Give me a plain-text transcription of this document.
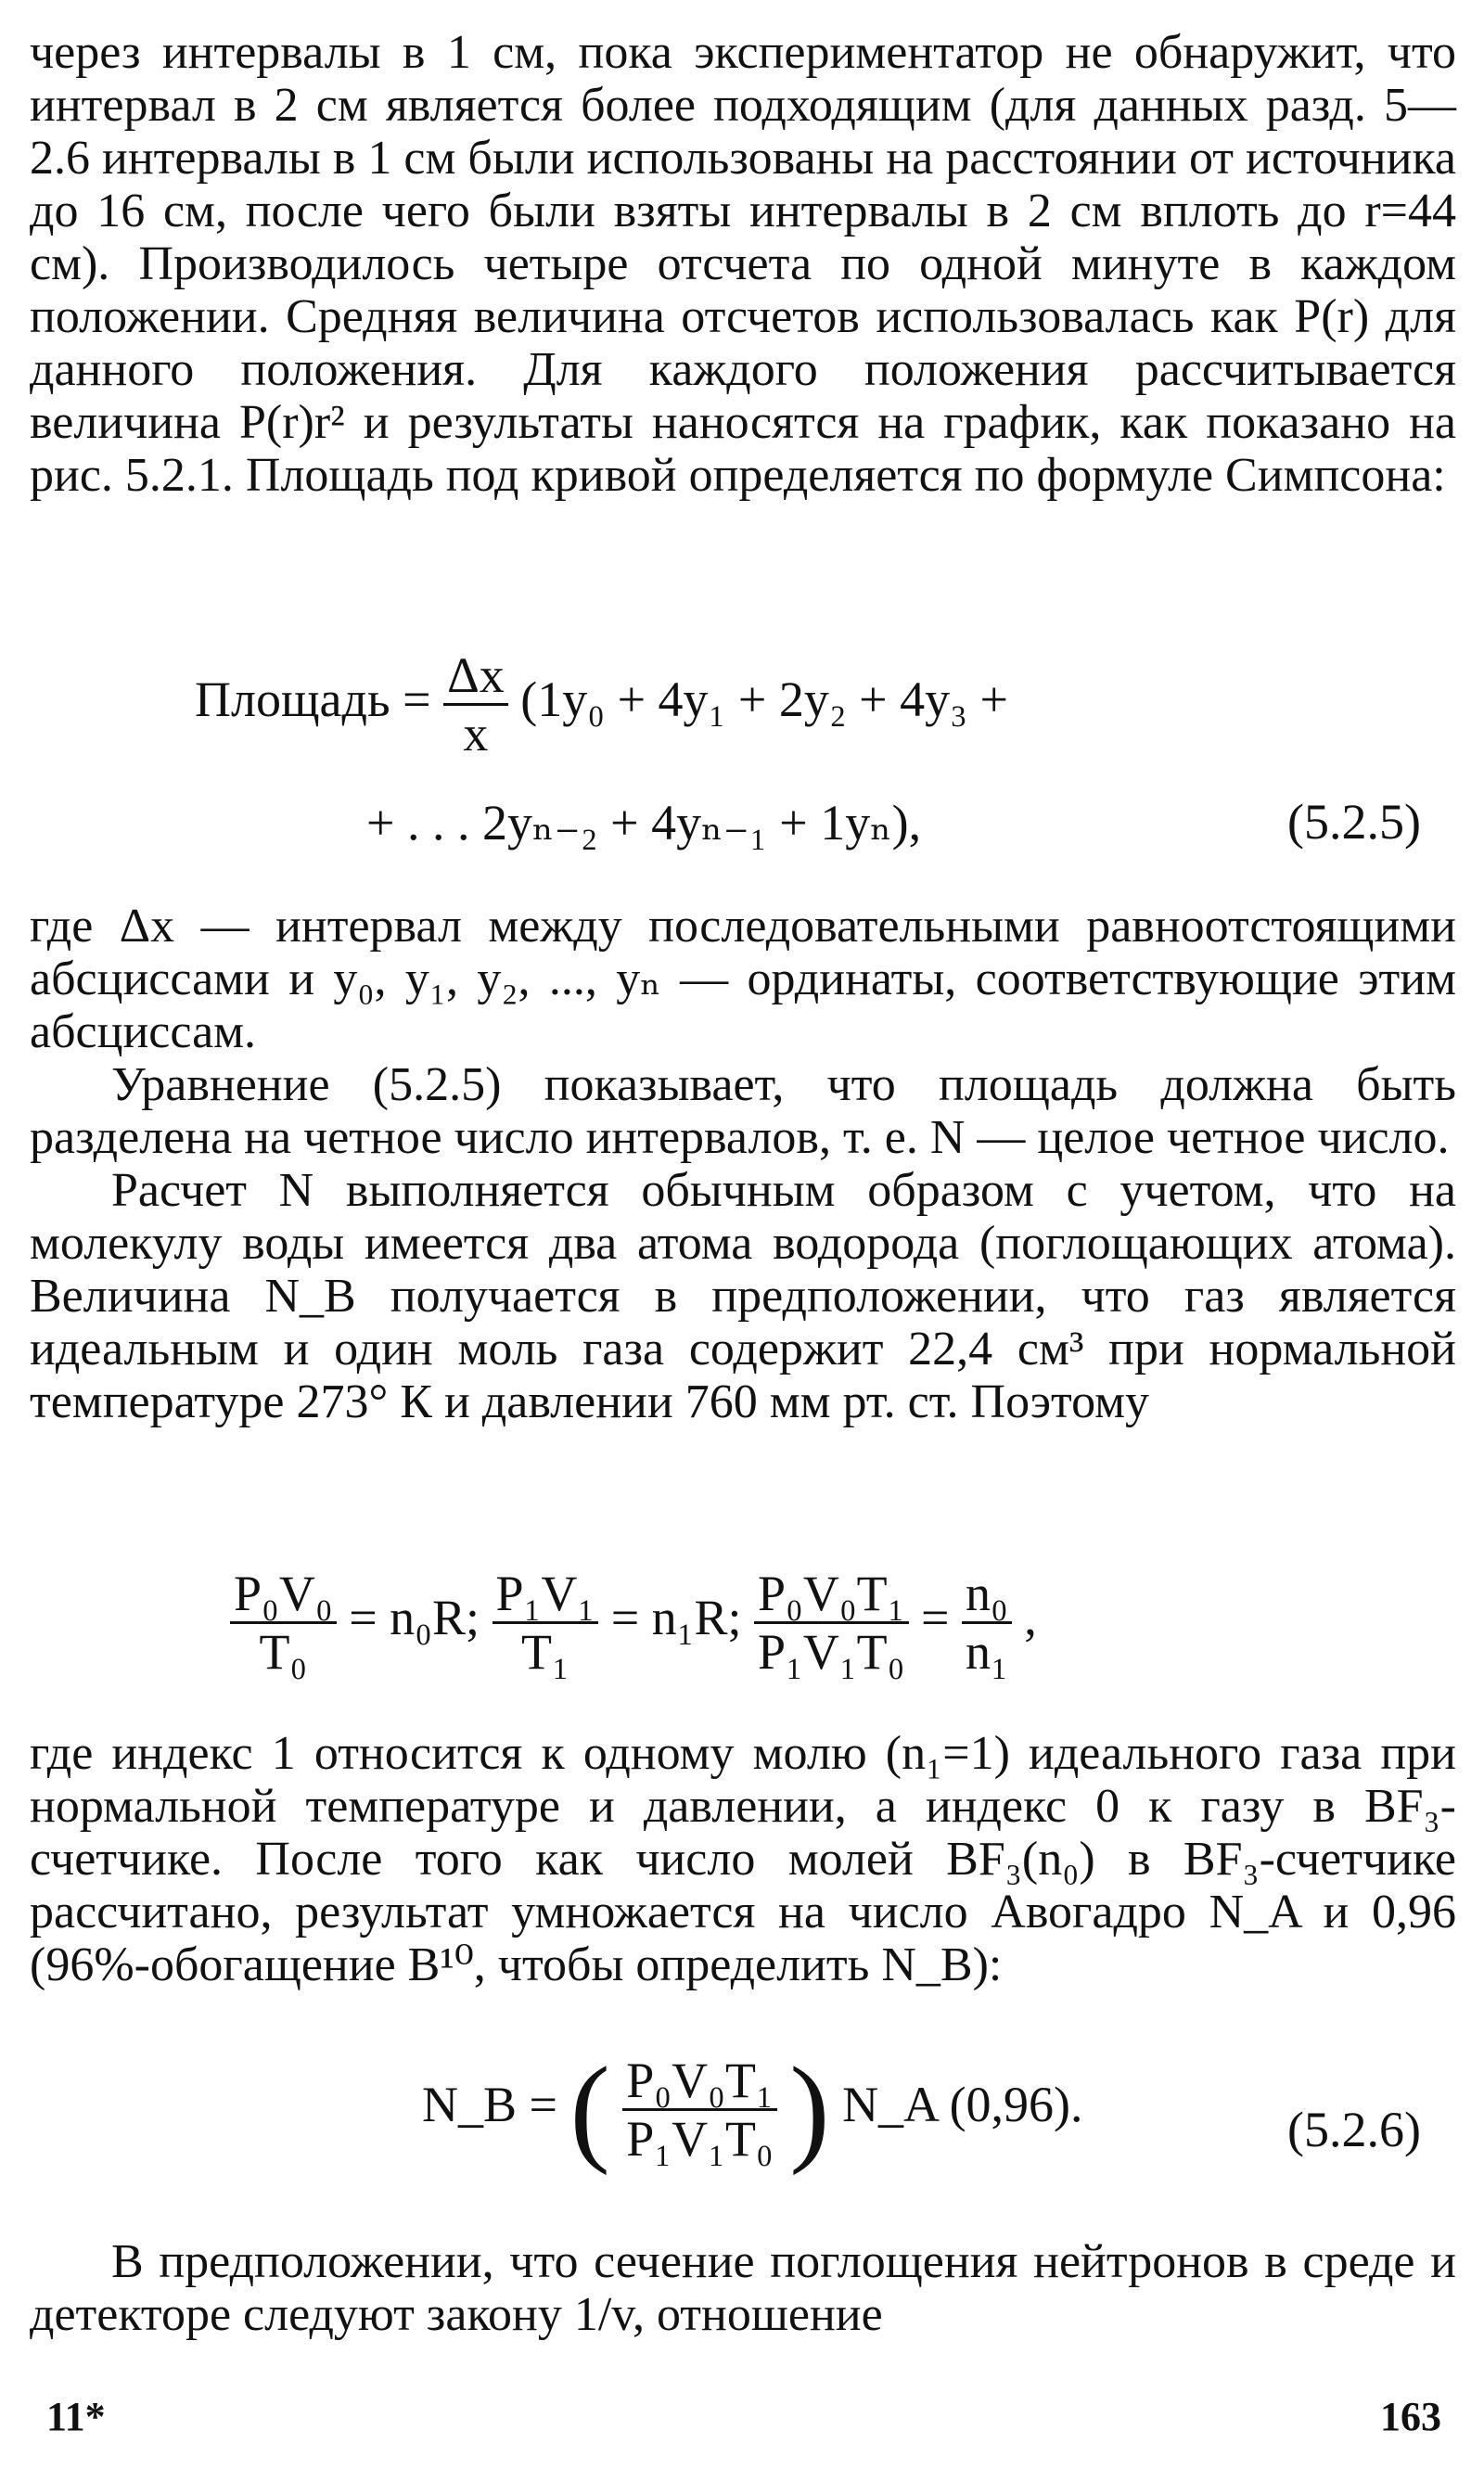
через интервалы в 1 см, пока экспериментатор не обнаружит, что интервал в 2 см является более подходящим (для данных разд. 5—2.6 интервалы в 1 см были использованы на расстоянии от источника до 16 см, после чего были взяты интервалы в 2 см вплоть до r=44 см). Производилось четыре отсчета по одной минуте в каждом положении. Средняя величина отсчетов использовалась как P(r) для данного положения. Для каждого положения рассчитывается величина P(r)r² и результаты наносятся на график, как показано на рис. 5.2.1. Площадь под кривой определяется по формуле Симпсона:

Площадь = $\frac{\Delta x}{x} (1y_0 + 4y_1 + 2y_2 + 4y_3$ +
+ . . . 2yₙ₋₂ + 4yₙ₋₁ + 1yₙ),	(5.2.5)

где Δx — интервал между последовательными равноотстоящими абсциссами и y₀, y₁, y₂, ..., yₙ — ординаты, соответствующие этим абсциссам.

Уравнение (5.2.5) показывает, что площадь должна быть разделена на четное число интервалов, т. е. N — целое четное число.

Расчет N выполняется обычным образом с учетом, что на молекулу воды имеется два атома водорода (поглощающих атома). Величина N_B получается в предположении, что газ является идеальным и один моль газа содержит 22,4 см³ при нормальной температуре 273° К и давлении 760 мм рт. ст. Поэтому

$\frac{\text{P₀V₀}}{\text{T₀}} = n_0R$; $\frac{\text{P₁V₁}}{\text{T₁}} = n_1R$; $\frac{\text{P₀V₀T₁}}{\text{P₁V₁T₀}} = \frac{\text{n₀}}{\text{n₁}}$ ,

где индекс 1 относится к одному молю (n₁=1) идеального газа при нормальной температуре и давлении, а индекс 0 к газу в BF₃-счетчике. После того как число молей BF₃(n₀) в BF₃-счетчике рассчитано, результат умножается на число Авогадро N_A и 0,96 (96%-обогащение B¹⁰, чтобы определить N_B):

N_B = ( $\frac{\text{P₀V₀T₁}}{\text{P₁V₁T₀}}$ ) N_A (0,96).	(5.2.6)

В предположении, что сечение поглощения нейтронов в среде и детекторе следуют закону 1/v, отношение

11*	163
